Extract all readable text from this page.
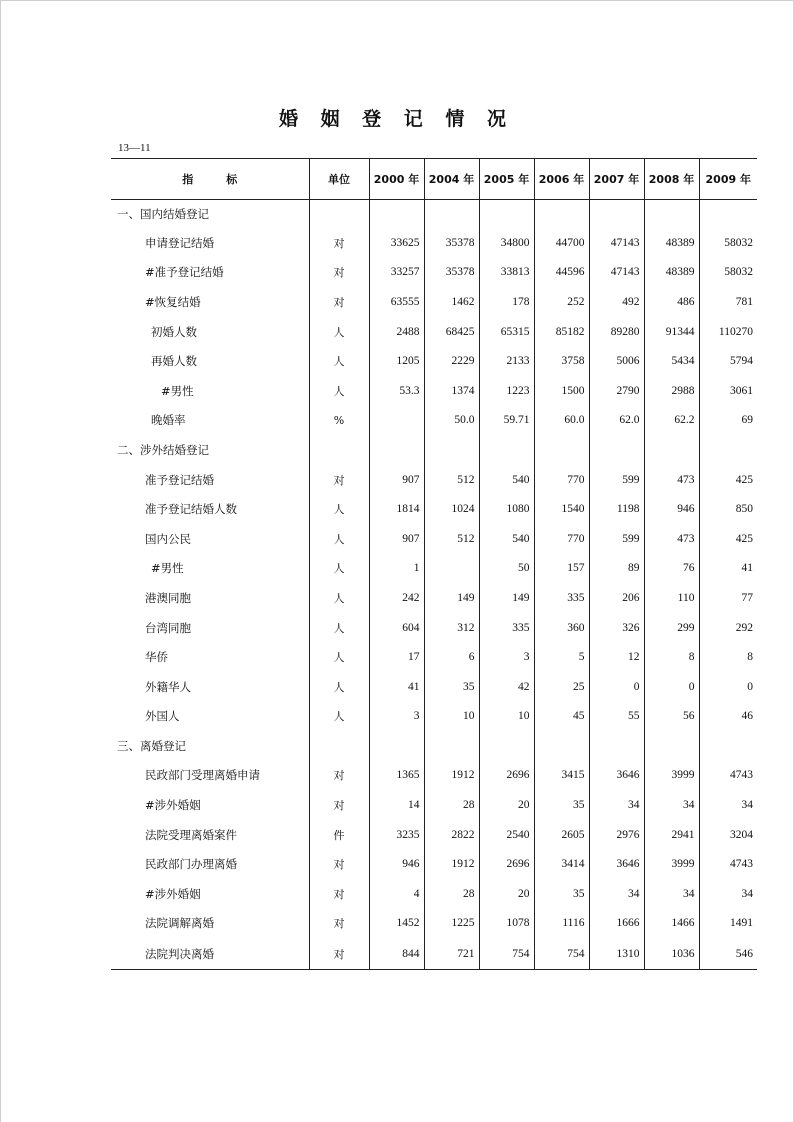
婚 姻 登 记 情 况
13—11
指　　　标	单位	2000 年	2004 年	2005 年	2006 年	2007 年	2008 年	2009 年
一、国内结婚登记								
申请登记结婚	对	33625	35378	34800	44700	47143	48389	58032
#准予登记结婚	对	33257	35378	33813	44596	47143	48389	58032
#恢复结婚	对	63555	1462	178	252	492	486	781
初婚人数	人	2488	68425	65315	85182	89280	91344	110270
再婚人数	人	1205	2229	2133	3758	5006	5434	5794
#男性	人	53.3	1374	1223	1500	2790	2988	3061
晚婚率	%		50.0	59.71	60.0	62.0	62.2	69
二、涉外结婚登记								
准予登记结婚	对	907	512	540	770	599	473	425
准予登记结婚人数	人	1814	1024	1080	1540	1198	946	850
国内公民	人	907	512	540	770	599	473	425
#男性	人	1		50	157	89	76	41
港澳同胞	人	242	149	149	335	206	110	77
台湾同胞	人	604	312	335	360	326	299	292
华侨	人	17	6	3	5	12	8	8
外籍华人	人	41	35	42	25	0	0	0
外国人	人	3	10	10	45	55	56	46
三、离婚登记								
民政部门受理离婚申请	对	1365	1912	2696	3415	3646	3999	4743
#涉外婚姻	对	14	28	20	35	34	34	34
法院受理离婚案件	件	3235	2822	2540	2605	2976	2941	3204
民政部门办理离婚	对	946	1912	2696	3414	3646	3999	4743
#涉外婚姻	对	4	28	20	35	34	34	34
法院调解离婚	对	1452	1225	1078	1116	1666	1466	1491
法院判决离婚	对	844	721	754	754	1310	1036	546
